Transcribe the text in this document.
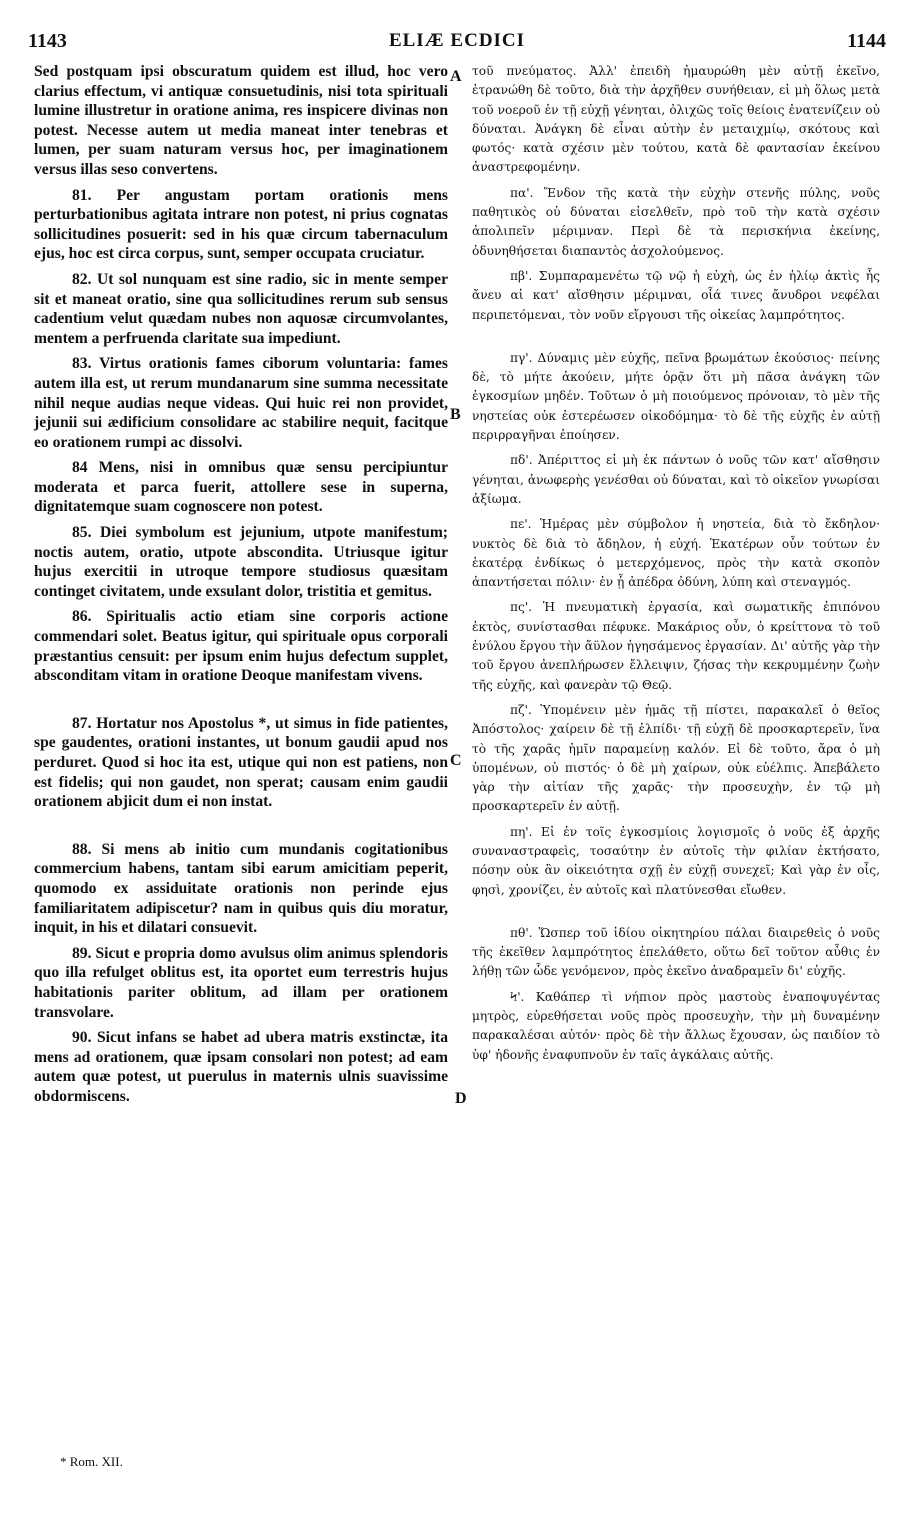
1143	ELIÆ ECDICI	1144

Sed postquam ipsi obscuratum quidem est illud, hoc vero clarius effectum, vi antiquæ consuetudinis, nisi tota spirituali lumine illustretur in oratione anima, res inspicere divinas non potest. Necesse autem ut media maneat inter tenebras et lumen, per suam naturam versus hoc, per imaginationem versus illas seso convertens.

81. Per angustam portam orationis mens perturbationibus agitata intrare non potest, ni prius cognatas sollicitudines posuerit: sed in his quæ circum tabernaculum ejus, hoc est circa corpus, sunt, semper occupata cruciatur.

82. Ut sol nunquam est sine radio, sic in mente semper sit et maneat oratio, sine qua sollicitudines rerum sub sensus cadentium velut quædam nubes non aquosæ circumvolantes, mentem a perfruenda claritate sua impediunt.

83. Virtus orationis fames ciborum voluntaria: fames autem illa est, ut rerum mundanarum sine summa necessitate nihil neque audias neque videas. Qui huic rei non providet, jejunii sui ædificium consolidare ac stabilire nequit, facitque eo orationem rumpi ac dissolvi.

84 Mens, nisi in omnibus quæ sensu percipiuntur moderata et parca fuerit, attollere sese in superna, dignitatemque suam cognoscere non potest.

85. Diei symbolum est jejunium, utpote manifestum; noctis autem, oratio, utpote abscondita. Utriusque igitur hujus exercitii in utroque tempore studiosus quæsitam continget civitatem, unde exsulant dolor, tristitia et gemitus.

86. Spiritualis actio etiam sine corporis actione commendari solet. Beatus igitur, qui spirituale opus corporali præstantius censuit: per ipsum enim hujus defectum supplet, absconditam vitam in oratione Deoque manifestam vivens.

87. Hortatur nos Apostolus *, ut simus in fide patientes, spe gaudentes, orationi instantes, ut bonum gaudii apud nos perduret. Quod si hoc ita est, utique qui non est patiens, non est fidelis; qui non gaudet, non sperat; causam enim gaudii orationem abjicit dum ei non instat.

88. Si mens ab initio cum mundanis cogitationibus commercium habens, tantam sibi earum amicitiam peperit, quomodo ex assiduitate orationis non perinde ejus familiaritatem adipiscetur? nam in quibus quis diu moratur, inquit, in his et dilatari consuevit.

89. Sicut e propria domo avulsus olim animus splendoris quo illa refulget oblitus est, ita oportet eum terrestris hujus habitationis pariter oblitum, ad illam per orationem transvolare.

90. Sicut infans se habet ad ubera matris exstinctæ, ita mens ad orationem, quæ ipsam consolari non potest; ad eam autem quæ potest, ut puerulus in maternis ulnis suavissime obdormiscens.

A
B
C
D

τοῦ πνεύματος. Ἀλλ' ἐπειδὴ ἠμαυρώθη μὲν αὐτῇ ἐκεῖνο, ἐτρανώθη δὲ τοῦτο, διὰ τὴν ἀρχῆθεν συνήθειαν, εἰ μὴ ὅλως μετὰ τοῦ νοεροῦ ἐν τῇ εὐχῇ γένηται, ὀλιχῶς τοῖς θείοις ἐνατενίζειν οὐ δύναται. Ἀνάγκη δὲ εἶναι αὐτὴν ἐν μεταιχμίῳ, σκότους καὶ φωτός· κατὰ σχέσιν μὲν τούτου, κατὰ δὲ φαντασίαν ἐκείνου ἀναστρεφομένην.

πα'. Ἔνδον τῆς κατὰ τὴν εὐχὴν στενῆς πύλης, νοῦς παθητικὸς οὐ δύναται εἰσελθεῖν, πρὸ τοῦ τὴν κατὰ σχέσιν ἀπολιπεῖν μέριμναν. Περὶ δὲ τὰ περισκήνια ἐκείνης, ὀδυνηθήσεται διαπαντὸς ἀσχολούμενος.

πβ'. Συμπαραμενέτω τῷ νῷ ἡ εὐχὴ, ὡς ἐν ἡλίῳ ἀκτὶς ἧς ἄνευ αἱ κατ' αἴσθησιν μέριμναι, οἷά τινες ἄνυδροι νεφέλαι περιπετόμεναι, τὸν νοῦν εἴργουσι τῆς οἰκείας λαμπρότητος.

πγ'. Δύναμις μὲν εὐχῆς, πεῖνα βρωμάτων ἑκούσιος· πείνης δὲ, τὸ μήτε ἀκούειν, μήτε ὁρᾷν ὅτι μὴ πᾶσα ἀνάγκη τῶν ἐγκοσμίων μηδέν. Τοῦτων ὁ μὴ ποιούμενος πρόνοιαν, τὸ μὲν τῆς νηστείας οὐκ ἐστερέωσεν οἰκοδόμημα· τὸ δὲ τῆς εὐχῆς ἐν αὐτῇ περιρραγῆναι ἐποίησεν.

πδ'. Ἀπέριττος εἰ μὴ ἐκ πάντων ὁ νοῦς τῶν κατ' αἴσθησιν γένηται, ἀνωφερὴς γενέσθαι οὐ δύναται, καὶ τὸ οἰκεῖον γνωρίσαι ἀξίωμα.

πε'. Ἡμέρας μὲν σύμβολον ἡ νηστεία, διὰ τὸ ἔκδηλον· νυκτὸς δὲ διὰ τὸ ἄδηλον, ἡ εὐχή. Ἑκατέρων οὖν τούτων ἐν ἑκατέρᾳ ἐνδίκως ὁ μετερχόμενος, πρὸς τὴν κατὰ σκοπὸν ἀπαντήσεται πόλιν· ἐν ᾗ ἀπέδρα ὀδύνη, λύπη καὶ στεναγμός.

πς'. Ἡ πνευματικὴ ἐργασία, καὶ σωματικῆς ἐπιπόνου ἐκτὸς, συνίστασθαι πέφυκε. Μακάριος οὖν, ὁ κρείττονα τὸ τοῦ ἐνύλου ἔργου τὴν ἄϋλον ἡγησάμενος ἐργασίαν. Δι' αὐτῆς γὰρ τὴν τοῦ ἔργου ἀνεπλήρωσεν ἔλλειψιν, ζήσας τὴν κεκρυμμένην ζωὴν τῆς εὐχῆς, καὶ φανερὰν τῷ Θεῷ.

πζ'. Ὑπομένειν μὲν ἡμᾶς τῇ πίστει, παρακαλεῖ ὁ θεῖος Ἀπόστολος· χαίρειν δὲ τῇ ἐλπίδι· τῇ εὐχῇ δὲ προσκαρτερεῖν, ἵνα τὸ τῆς χαρᾶς ἡμῖν παραμείνῃ καλόν. Εἰ δὲ τοῦτο, ἄρα ὁ μὴ ὑπομένων, οὐ πιστός· ὁ δὲ μὴ χαίρων, οὐκ εὐέλπις. Ἀπεβάλετο γὰρ τὴν αἰτίαν τῆς χαρᾶς· τὴν προσευχὴν, ἐν τῷ μὴ προσκαρτερεῖν ἐν αὐτῇ.

πη'. Εἰ ἐν τοῖς ἐγκοσμίοις λογισμοῖς ὁ νοῦς ἐξ ἀρχῆς συναναστραφεὶς, τοσαύτην ἐν αὐτοῖς τὴν φιλίαν ἐκτήσατο, πόσην οὐκ ἂν οἰκειότητα σχῇ ἐν εὐχῇ συνεχεῖ; Καὶ γὰρ ἐν οἷς, φησὶ, χρονίζει, ἐν αὐτοῖς καὶ πλατύνεσθαι εἴωθεν.

πθ'. Ὥσπερ τοῦ ἰδίου οἰκητηρίου πάλαι διαιρεθεὶς ὁ νοῦς τῆς ἐκεῖθεν λαμπρότητος ἐπελάθετο, οὕτω δεῖ τοῦτον αὖθις ἐν λήθῃ τῶν ὧδε γενόμενον, πρὸς ἐκεῖνο ἀναδραμεῖν δι' εὐχῆς.

Ϟ'. Καθάπερ τὶ νήπιον πρὸς μαστοὺς ἐναποψυγέντας μητρὸς, εὑρεθήσεται νοῦς πρὸς προσευχὴν, τὴν μὴ δυναμένην παρακαλέσαι αὐτόν· πρὸς δὲ τὴν ἄλλως ἔχουσαν, ὡς παιδίον τὸ ὑφ' ἡδονῆς ἐναφυπνοῦν ἐν ταῖς ἀγκάλαις αὐτῆς.

* Rom. XII.
